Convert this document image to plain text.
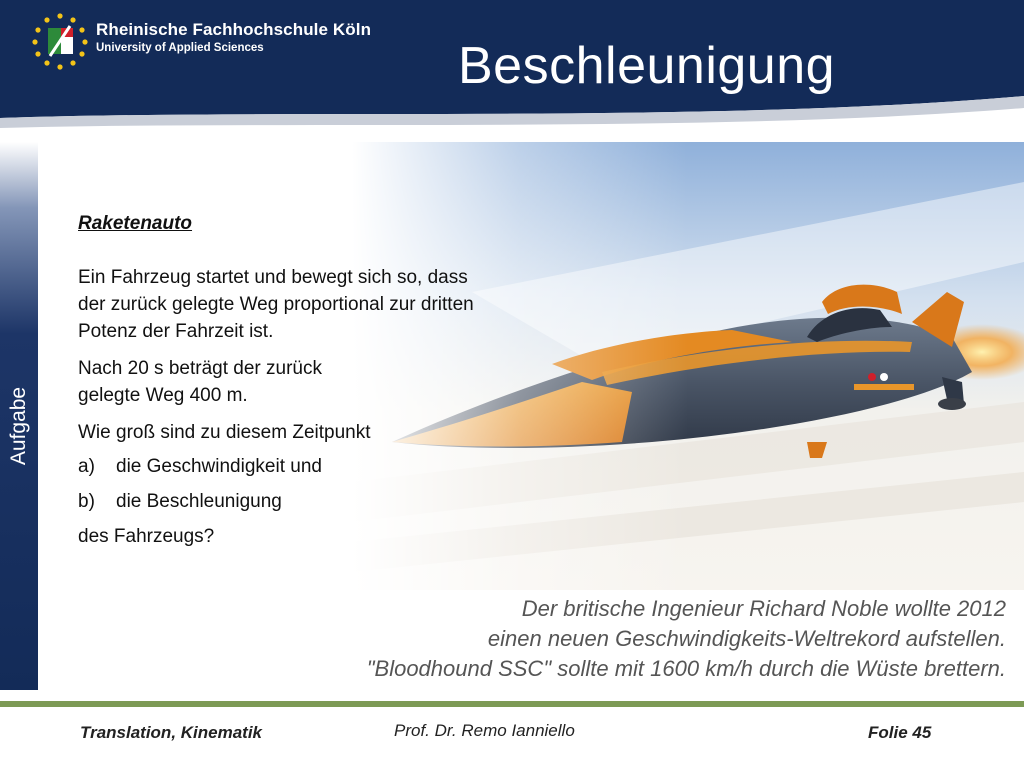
Rheinische Fachhochschule Köln
University of Applied Sciences	Beschleunigung
Aufgabe
Raketenauto
Ein Fahrzeug startet und bewegt sich so, dass
der zurück gelegte Weg proportional zur dritten
Potenz der Fahrzeit ist.
Nach 20 s beträgt der zurück
gelegte Weg 400 m.
Wie groß sind zu diesem Zeitpunkt
a) die Geschwindigkeit und
b) die Beschleunigung
des Fahrzeugs?
Der britische Ingenieur Richard Noble wollte 2012
einen neuen Geschwindigkeits-Weltrekord aufstellen.
"Bloodhound SSC" sollte mit 1600 km/h durch die Wüste brettern.
Translation, Kinematik	Prof. Dr. Remo Ianniello	Folie 45
